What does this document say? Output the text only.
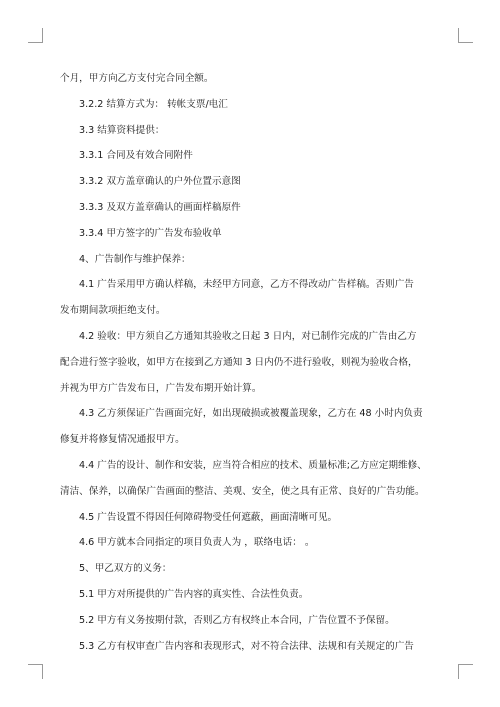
个月，甲方向乙方支付完合同全额。
3.2.2 结算方式为： 转帐支票/电汇
3.3 结算资料提供：
3.3.1 合同及有效合同附件
3.3.2 双方盖章确认的户外位置示意图
3.3.3 及双方盖章确认的画面样稿原件
3.3.4 甲方签字的广告发布验收单
4、广告制作与维护保养：
4.1 广告采用甲方确认样稿，未经甲方同意，乙方不得改动广告样稿。否则广告
发布期间款项拒绝支付。
4.2 验收：甲方须自乙方通知其验收之日起 3 日内，对已制作完成的广告由乙方
配合进行签字验收，如甲方在接到乙方通知 3 日内仍不进行验收，则视为验收合格，
并视为甲方广告发布日，广告发布期开始计算。
4.3 乙方须保证广告画面完好，如出现破损或被覆盖现象，乙方在 48 小时内负责
修复并将修复情况通报甲方。
4.4 广告的设计、制作和安装，应当符合相应的技术、质量标准;乙方应定期维修、
清洁、保养，以确保广告画面的整洁、美观、安全，使之具有正常、良好的广告功能。
4.5 广告设置不得因任何障碍物受任何遮蔽，画面清晰可见。
4.6 甲方就本合同指定的项目负责人为 ，联络电话： 。
5、甲乙双方的义务：
5.1 甲方对所提供的广告内容的真实性、合法性负责。
5.2 甲方有义务按期付款，否则乙方有权终止本合同，广告位置不予保留。
5.3 乙方有权审查广告内容和表现形式，对不符合法律、法规和有关规定的广告
